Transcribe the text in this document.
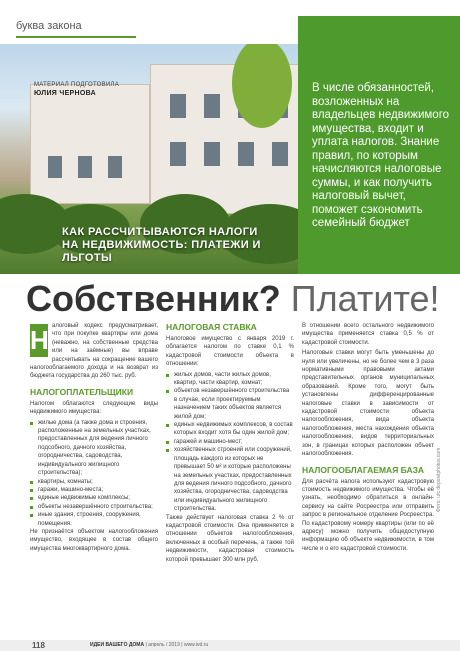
буква закона
МАТЕРИАЛ ПОДГОТОВИЛА
ЮЛИЯ ЧЕРНОВА
КАК РАССЧИТЫВАЮТСЯ НАЛОГИ НА НЕДВИЖИМОСТЬ: ПЛАТЕЖИ И ЛЬГОТЫ

В числе обязанностей, возложенных на владельцев недвижимого имущества, входит и уплата налогов. Знание правил, по которым начисляются налоговые суммы, и как получить налоговый вычет, поможет сэкономить семейный бюджет

Собственник? Платите!
Н алоговый кодекс предусматривает, что при покупке квартиры или дома (неважно, на собственные средства или на заёмные) вы вправе рассчитывать на сокращение вашего налогооблагаемого дохода и на возврат из бюджета государства до 260 тыс. руб.

НАЛОГОПЛАТЕЛЬЩИКИ

Налогом облагаются следующие виды недвижимого имущества:

жилые дома (а также дома и строения, расположенные на земельных участках, предоставленных для ведения личного подсобного, дачного хозяйства, огородничества, садоводства, индивидуального жилищного строительства);
квартиры, комнаты;
гаражи, машино-места;
единые недвижимые комплексы;
объекты незавершённого строительства;
иные здания, строения, сооружения, помещения.

Не признаётся объектом налогообложения имущество, входящее в состав общего имущества многоквартирного дома.

НАЛОГОВАЯ СТАВКА

Налоговое имущество с января 2019 г. облагается налогом по ставке 0,1 % кадастровой стоимости объекта в отношении:

жилых домов, части жилых домов, квартир, части квартир, комнат;
объектов незавершённого строительства в случае, если проектируемым назначением таких объектов является жилой дом;
единых недвижимых комплексов, в состав которых входит хотя бы один жилой дом;
гаражей и машино-мест;
хозяйственных строений или сооружений, площадь каждого из которых не превышает 50 м² и которые расположены на земельных участках, предоставленных для ведения личного подсобного, дачного хозяйства, огородничества, садоводства или индивидуального жилищного строительства.

Также действует налоговая ставка 2 % от кадастровой стоимости. Она применяется в отношении объектов налогообложения, включенных в особый перечень, а также той недвижимости, кадастровая стоимость которой превышает 300 млн руб.

В отношении всего остального недвижимого имущества применяется ставка 0,5 % от кадастровой стоимости.

Налоговые ставки могут быть уменьшены до нуля или увеличены, но не более чем в 3 раза нормативными правовыми актами представительных органов муниципальных образований. Кроме того, могут быть установлены дифференцированные налоговые ставки в зависимости от кадастровой стоимости объекта налогообложения, вида объекта налогообложения, места нахождения объекта налогообложения, видов территориальных зон, в границах которых расположен объект налогообложения.

НАЛОГООБЛАГАЕМАЯ БАЗА

Для расчёта налога используют кадастровую стоимость недвижимого имущества. Чтобы её узнать, необходимо обратиться в онлайн-сервису на сайте Росреестра или отправить запрос в региональное отделение Росреестра. По кадастровому номеру квартиры (или по её адресу) можно получить общедоступную информацию об объекте недвижимости, в том числе и о его кадастровой стоимости.

Фото: ufc.depositphotos.com
118	ИДЕИ ВАШЕГО ДОМА | апрель / 2019 | www.ivd.ru
